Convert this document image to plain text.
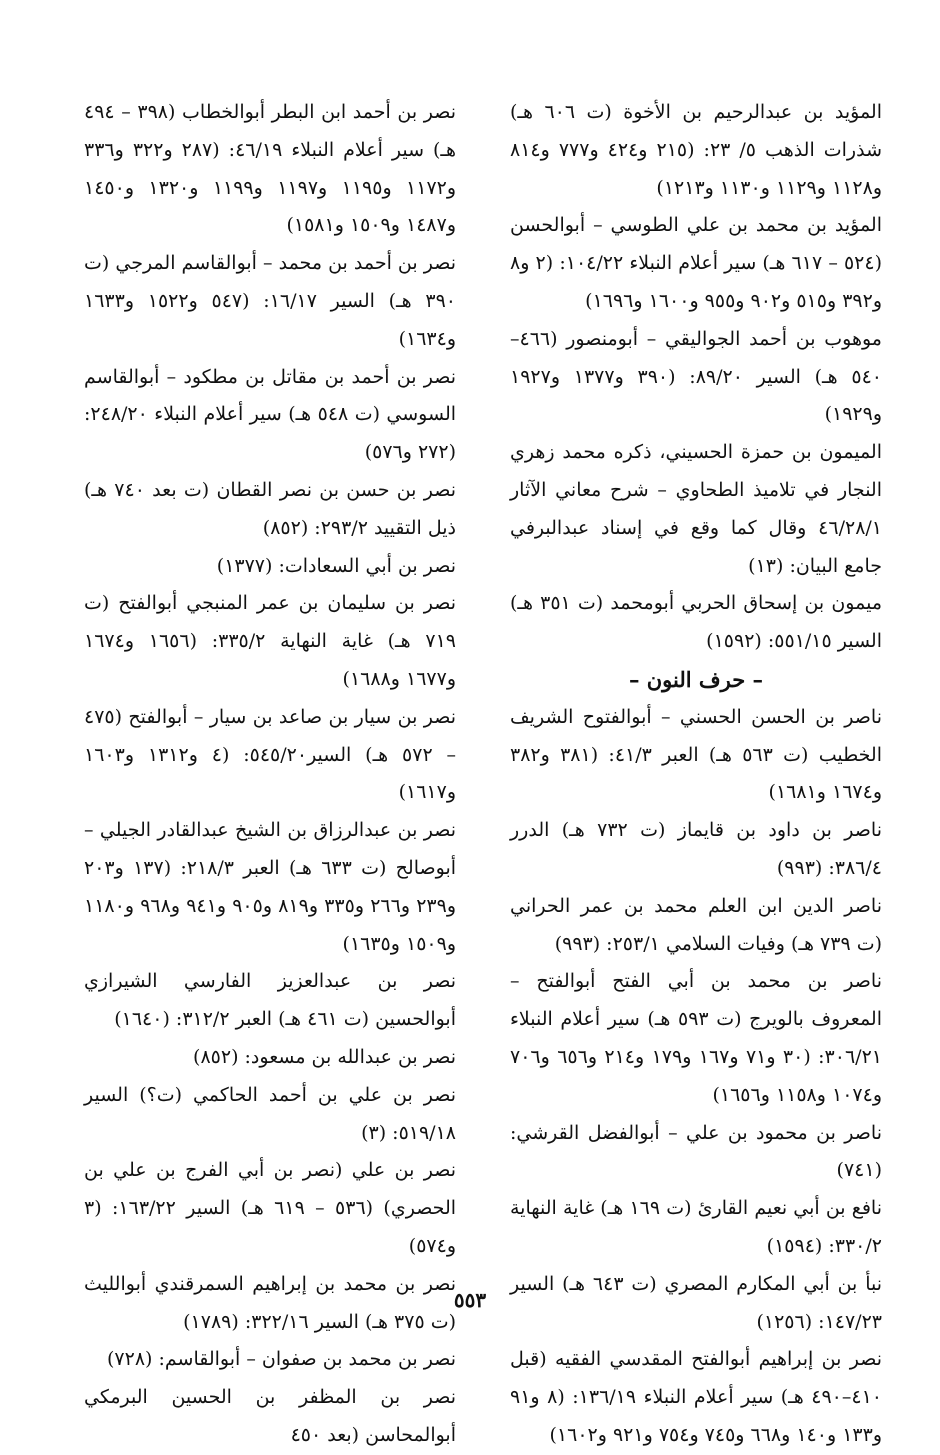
المؤيد بن عبدالرحيم بن الأخوة (ت ٦٠٦ هـ) شذرات الذهب ٥/ ٢٣: (٢١٥ و٤٢٤ و٧٧٧ و٨١٤ و١١٢٨ و١١٢٩ و١١٣٠ و١٢١٣)

المؤيد بن محمد بن علي الطوسي – أبوالحسن (٥٢٤ – ٦١٧ هـ) سير أعلام النبلاء ١٠٤/٢٢: (٢ و٨ و٣٩٢ و٥١٥ و٩٠٢ و٩٥٥ و١٦٠٠ و١٦٩٦)

موهوب بن أحمد الجواليقي – أبومنصور (٤٦٦–٥٤٠ هـ) السير ٨٩/٢٠: (٣٩٠ و١٣٧٧ و١٩٢٧ و١٩٢٩)

الميمون بن حمزة الحسيني، ذكره محمد زهري النجار في تلاميذ الطحاوي – شرح معاني الآثار ٤٦/٢٨/١ وقال كما وقع في إسناد عبدالبرفي جامع البيان: (١٣)

ميمون بن إسحاق الحربي أبومحمد (ت ٣٥١ هـ) السير ٥٥١/١٥: (١٥٩٢)

– حرف النون –

ناصر بن الحسن الحسني – أبوالفتوح الشريف الخطيب (ت ٥٦٣ هـ) العبر ٤١/٣: (٣٨١ و٣٨٢ و١٦٧٤ و١٦٨١)

ناصر بن داود بن قايماز (ت ٧٣٢ هـ) الدرر ٣٨٦/٤: (٩٩٣)

ناصر الدين ابن العلم محمد بن عمر الحراني (ت ٧٣٩ هـ) وفيات السلامي ٢٥٣/١: (٩٩٣)

ناصر بن محمد بن أبي الفتح أبوالفتح – المعروف بالويرج (ت ٥٩٣ هـ) سير أعلام النبلاء ٣٠٦/٢١: (٣٠ و٧١ و١٦٧ و١٧٩ و٢١٤ و٦٥٦ و٧٠٦ و١٠٧٤ و١١٥٨ و١٦٥٦)

ناصر بن محمود بن علي – أبوالفضل القرشي: (٧٤١)

نافع بن أبي نعيم القارئ (ت ١٦٩ هـ) غاية النهاية ٣٣٠/٢: (١٥٩٤)

نبأ بن أبي المكارم المصري (ت ٦٤٣ هـ) السير ١٤٧/٢٣: (١٢٥٦)

نصر بن إبراهيم أبوالفتح المقدسي الفقيه (قبل ٤١٠–٤٩٠ هـ) سير أعلام النبلاء ١٣٦/١٩: (٨ و٩١ و١٣٣ و١٤٠ و٦٦٨ و٧٤٥ و٧٥٤ و٩٢١ و١٦٠٢)

نصر بن أحمد ابن البطر أبوالخطاب (٣٩٨ – ٤٩٤ هـ) سير أعلام النبلاء ٤٦/١٩: (٢٨٧ و٣٢٢ و٣٣٦ و١١٧٢ و١١٩٥ و١١٩٧ و١١٩٩ و١٣٢٠ و١٤٥٠ و١٤٨٧ و١٥٠٩ و١٥٨١)

نصر بن أحمد بن محمد – أبوالقاسم المرجي (ت ٣٩٠ هـ) السير ١٦/١٧: (٥٤٧ و١٥٢٢ و١٦٣٣ و١٦٣٤)

نصر بن أحمد بن مقاتل بن مطكود – أبوالقاسم السوسي (ت ٥٤٨ هـ) سير أعلام النبلاء ٢٤٨/٢٠: (٢٧٢ و٥٧٦)

نصر بن حسن بن نصر القطان (ت بعد ٧٤٠ هـ) ذيل التقييد ٢٩٣/٢: (٨٥٢)

نصر بن أبي السعادات: (١٣٧٧)

نصر بن سليمان بن عمر المنبجي أبوالفتح (ت ٧١٩ هـ) غاية النهاية ٣٣٥/٢: (١٦٥٦ و١٦٧٤ و١٦٧٧ و١٦٨٨)

نصر بن سيار بن صاعد بن سيار – أبوالفتح (٤٧٥ – ٥٧٢ هـ) السير٥٤٥/٢٠: (٤ و١٣١٢ و١٦٠٣ و١٦١٧)

نصر بن عبدالرزاق بن الشيخ عبدالقادر الجيلي – أبوصالح (ت ٦٣٣ هـ) العبر ٢١٨/٣: (١٣٧ و٢٠٣ و٢٣٩ و٢٦٦ و٣٣٥ و٨١٩ و٩٠٥ و٩٤١ و٩٦٨ و١١٨٠ و١٥٠٩ و١٦٣٥)

نصر بن عبدالعزيز الفارسي الشيرازي أبوالحسين (ت ٤٦١ هـ) العبر ٣١٢/٢: (١٦٤٠)

نصر بن عبدالله بن مسعود: (٨٥٢)

نصر بن علي بن أحمد الحاكمي (ت؟) السير ٥١٩/١٨: (٣)

نصر بن علي (نصر بن أبي الفرج بن علي بن الحصري) (٥٣٦ – ٦١٩ هـ) السير ١٦٣/٢٢: (٣ و٥٧٤)

نصر بن محمد بن إبراهيم السمرقندي أبوالليث (ت ٣٧٥ هـ) السير ٣٢٢/١٦: (١٧٨٩)

نصر بن محمد بن صفوان – أبوالقاسم: (٧٢٨)

نصر بن المظفر بن الحسين البرمكي أبوالمحاسن (بعد ٤٥٠

٥٥٣
